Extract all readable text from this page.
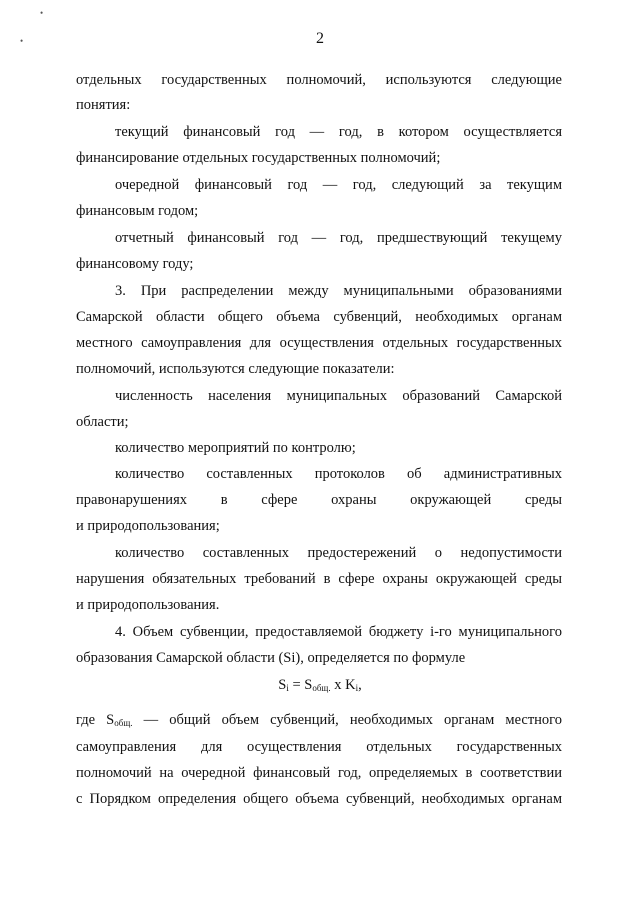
•
•	2
отдельных государственных полномочий, используются следующие
понятия:
текущий финансовый год — год, в котором осуществляется
финансирование отдельных государственных полномочий;
очередной финансовый год — год, следующий за текущим
финансовым годом;
отчетный финансовый год — год, предшествующий текущему
финансовому году;
3. При распределении между муниципальными образованиями
Самарской области общего объема субвенций, необходимых органам
местного самоуправления для осуществления отдельных государственных
полномочий, используются следующие показатели:
численность населения муниципальных образований Самарской
области;
количество мероприятий по контролю;
количество составленных протоколов об административных
правонарушениях в сфере охраны окружающей среды
и природопользования;
количество составленных предостережений о недопустимости
нарушения обязательных требований в сфере охраны окружающей среды
и природопользования.
4. Объем субвенции, предоставляемой бюджету i-го муниципального
образования Самарской области (Si), определяется по формуле
$S_i = S_{общ.}$ x $K_i$,
где $S_{общ.}$ — общий объем субвенций, необходимых органам местного
самоуправления для осуществления отдельных государственных
полномочий на очередной финансовый год, определяемых в соответствии
с Порядком определения общего объема субвенций, необходимых органам
